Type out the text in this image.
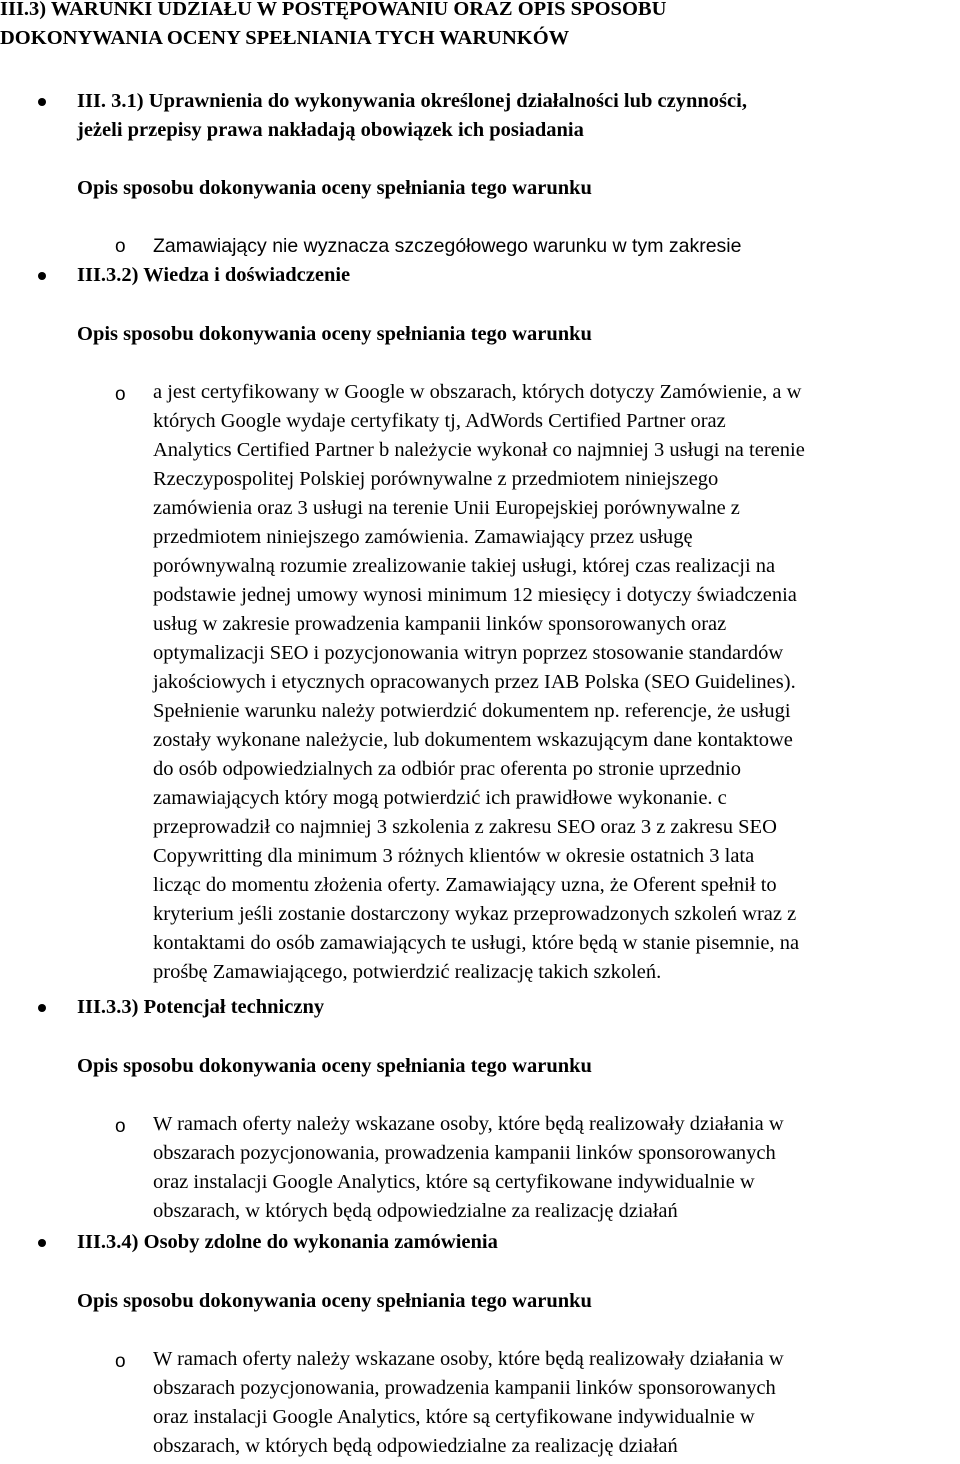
III.3) WARUNKI UDZIAŁU W POSTĘPOWANIU ORAZ OPIS SPOSOBU
DOKONYWANIA OCENY SPEŁNIANIA TYCH WARUNKÓW
III. 3.1) Uprawnienia do wykonywania określonej działalności lub czynności,
jeżeli przepisy prawa nakładają obowiązek ich posiadania
Opis sposobu dokonywania oceny spełniania tego warunku
o Zamawiający nie wyznacza szczegółowego warunku w tym zakresie
III.3.2) Wiedza i doświadczenie
Opis sposobu dokonywania oceny spełniania tego warunku
o a jest certyfikowany w Google w obszarach, których dotyczy Zamówienie, a w
których Google wydaje certyfikaty tj, AdWords Certified Partner oraz
Analytics Certified Partner b należycie wykonał co najmniej 3 usługi na terenie
Rzeczypospolitej Polskiej porównywalne z przedmiotem niniejszego
zamówienia oraz 3 usługi na terenie Unii Europejskiej porównywalne z
przedmiotem niniejszego zamówienia. Zamawiający przez usługę
porównywalną rozumie zrealizowanie takiej usługi, której czas realizacji na
podstawie jednej umowy wynosi minimum 12 miesięcy i dotyczy świadczenia
usług w zakresie prowadzenia kampanii linków sponsorowanych oraz
optymalizacji SEO i pozycjonowania witryn poprzez stosowanie standardów
jakościowych i etycznych opracowanych przez IAB Polska (SEO Guidelines).
Spełnienie warunku należy potwierdzić dokumentem np. referencje, że usługi
zostały wykonane należycie, lub dokumentem wskazującym dane kontaktowe
do osób odpowiedzialnych za odbiór prac oferenta po stronie uprzednio
zamawiających który mogą potwierdzić ich prawidłowe wykonanie. c
przeprowadził co najmniej 3 szkolenia z zakresu SEO oraz 3 z zakresu SEO
Copywritting dla minimum 3 różnych klientów w okresie ostatnich 3 lata
licząc do momentu złożenia oferty. Zamawiający uzna, że Oferent spełnił to
kryterium jeśli zostanie dostarczony wykaz przeprowadzonych szkoleń wraz z
kontaktami do osób zamawiających te usługi, które będą w stanie pisemnie, na
prośbę Zamawiającego, potwierdzić realizację takich szkoleń.
III.3.3) Potencjał techniczny
Opis sposobu dokonywania oceny spełniania tego warunku
o W ramach oferty należy wskazane osoby, które będą realizowały działania w
obszarach pozycjonowania, prowadzenia kampanii linków sponsorowanych
oraz instalacji Google Analytics, które są certyfikowane indywidualnie w
obszarach, w których będą odpowiedzialne za realizację działań
III.3.4) Osoby zdolne do wykonania zamówienia
Opis sposobu dokonywania oceny spełniania tego warunku
o W ramach oferty należy wskazane osoby, które będą realizowały działania w
obszarach pozycjonowania, prowadzenia kampanii linków sponsorowanych
oraz instalacji Google Analytics, które są certyfikowane indywidualnie w
obszarach, w których będą odpowiedzialne za realizację działań
